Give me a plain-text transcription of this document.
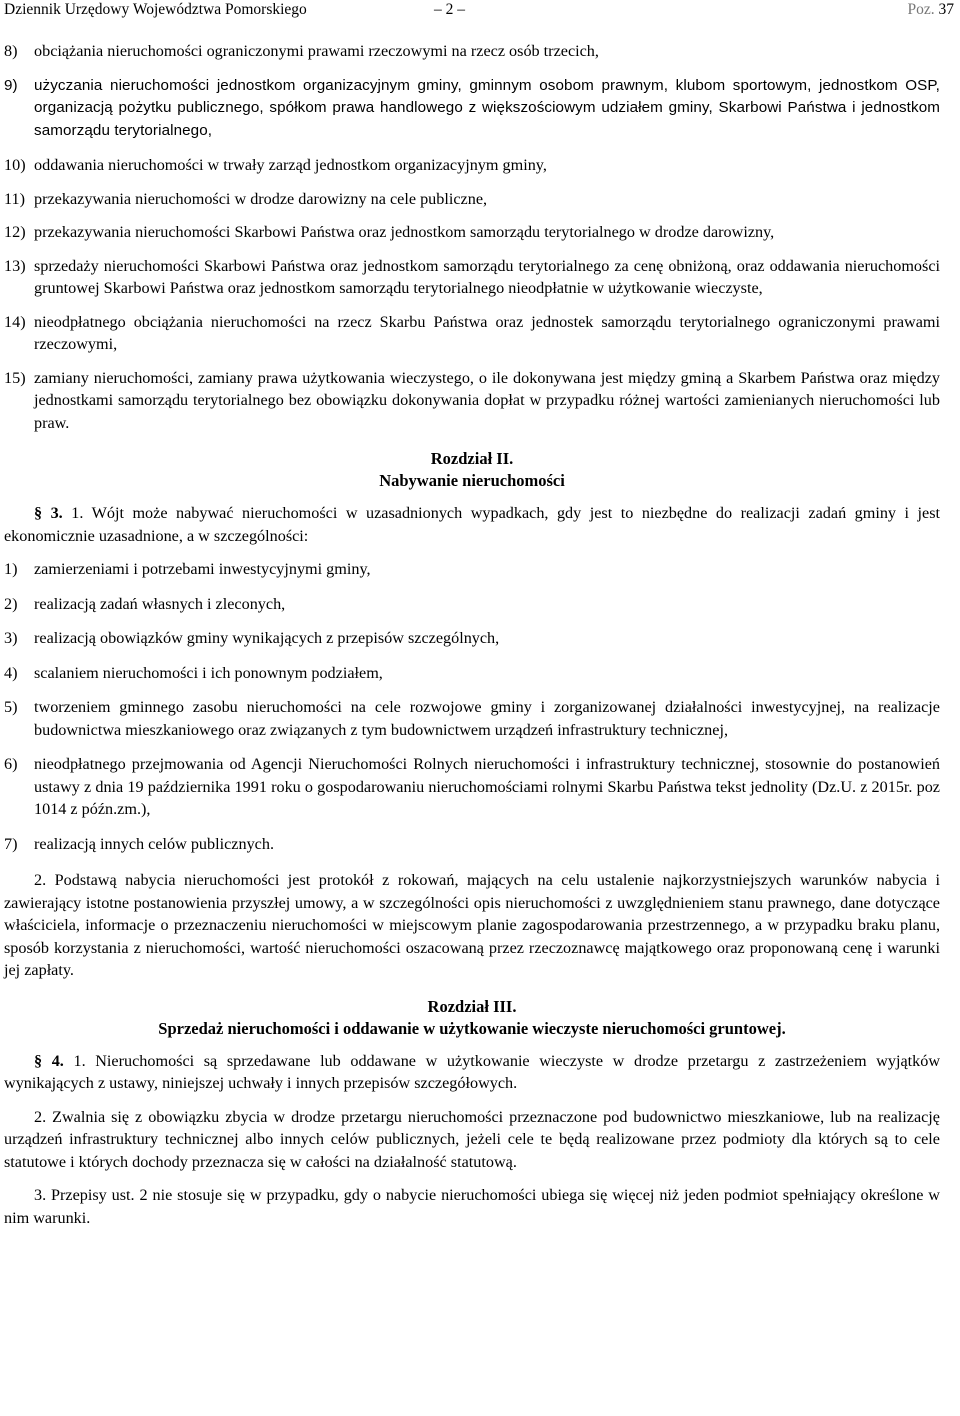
Dziennik Urzędowy Województwa Pomorskiego	– 2 –	Poz. 37
8) obciążania nieruchomości ograniczonymi prawami rzeczowymi na rzecz osób trzecich,
9) użyczania nieruchomości jednostkom organizacyjnym gminy, gminnym osobom prawnym, klubom sportowym, jednostkom OSP, organizacją pożytku publicznego, spółkom prawa handlowego z większościowym udziałem gminy, Skarbowi Państwa i jednostkom samorządu terytorialnego,
10) oddawania nieruchomości w trwały zarząd jednostkom organizacyjnym gminy,
11) przekazywania nieruchomości w drodze darowizny na cele publiczne,
12) przekazywania nieruchomości Skarbowi Państwa oraz jednostkom samorządu terytorialnego w drodze darowizny,
13) sprzedaży nieruchomości Skarbowi Państwa oraz jednostkom samorządu terytorialnego za cenę obniżoną, oraz oddawania nieruchomości gruntowej Skarbowi Państwa oraz jednostkom samorządu terytorialnego nieodpłatnie w użytkowanie wieczyste,
14) nieodpłatnego obciążania nieruchomości na rzecz Skarbu Państwa oraz jednostek samorządu terytorialnego ograniczonymi prawami rzeczowymi,
15) zamiany nieruchomości, zamiany prawa użytkowania wieczystego, o ile dokonywana jest między gminą a Skarbem Państwa oraz między jednostkami samorządu terytorialnego bez obowiązku dokonywania dopłat w przypadku różnej wartości zamienianych nieruchomości lub praw.
Rozdział II.
Nabywanie nieruchomości
§ 3. 1. Wójt może nabywać nieruchomości w uzasadnionych wypadkach, gdy jest to niezbędne do realizacji zadań gminy i jest ekonomicznie uzasadnione, a w szczególności:
1) zamierzeniami i potrzebami inwestycyjnymi gminy,
2) realizacją zadań własnych i zleconych,
3) realizacją obowiązków gminy wynikających z przepisów szczególnych,
4) scalaniem nieruchomości i ich ponownym podziałem,
5) tworzeniem gminnego zasobu nieruchomości na cele rozwojowe gminy i zorganizowanej działalności inwestycyjnej, na realizacje budownictwa mieszkaniowego oraz związanych z tym budownictwem urządzeń infrastruktury technicznej,
6) nieodpłatnego przejmowania od Agencji Nieruchomości Rolnych nieruchomości i infrastruktury technicznej, stosownie do postanowień ustawy z dnia 19 października 1991 roku o gospodarowaniu nieruchomościami rolnymi Skarbu Państwa tekst jednolity (Dz.U. z 2015r. poz 1014 z późn.zm.),
7) realizacją innych celów publicznych.
2. Podstawą nabycia nieruchomości jest protokół z rokowań, mających na celu ustalenie najkorzystniejszych warunków nabycia i zawierający istotne postanowienia przyszłej umowy, a w szczególności opis nieruchomości z uwzględnieniem stanu prawnego, dane dotyczące właściciela, informacje o przeznaczeniu nieruchomości w miejscowym planie zagospodarowania przestrzennego, a w przypadku braku planu, sposób korzystania z nieruchomości, wartość nieruchomości oszacowaną przez rzeczoznawcę majątkowego oraz proponowaną cenę i warunki jej zapłaty.
Rozdział III.
Sprzedaż nieruchomości i oddawanie w użytkowanie wieczyste nieruchomości gruntowej.
§ 4. 1. Nieruchomości są sprzedawane lub oddawane w użytkowanie wieczyste w drodze przetargu z zastrzeżeniem wyjątków wynikających z ustawy, niniejszej uchwały i innych przepisów szczegółowych.
2. Zwalnia się z obowiązku zbycia w drodze przetargu nieruchomości przeznaczone pod budownictwo mieszkaniowe, lub na realizację urządzeń infrastruktury technicznej albo innych celów publicznych, jeżeli cele te będą realizowane przez podmioty dla których są to cele statutowe i których dochody przeznacza się w całości na działalność statutową.
3. Przepisy ust. 2 nie stosuje się w przypadku, gdy o nabycie nieruchomości ubiega się więcej niż jeden podmiot spełniający określone w nim warunki.
